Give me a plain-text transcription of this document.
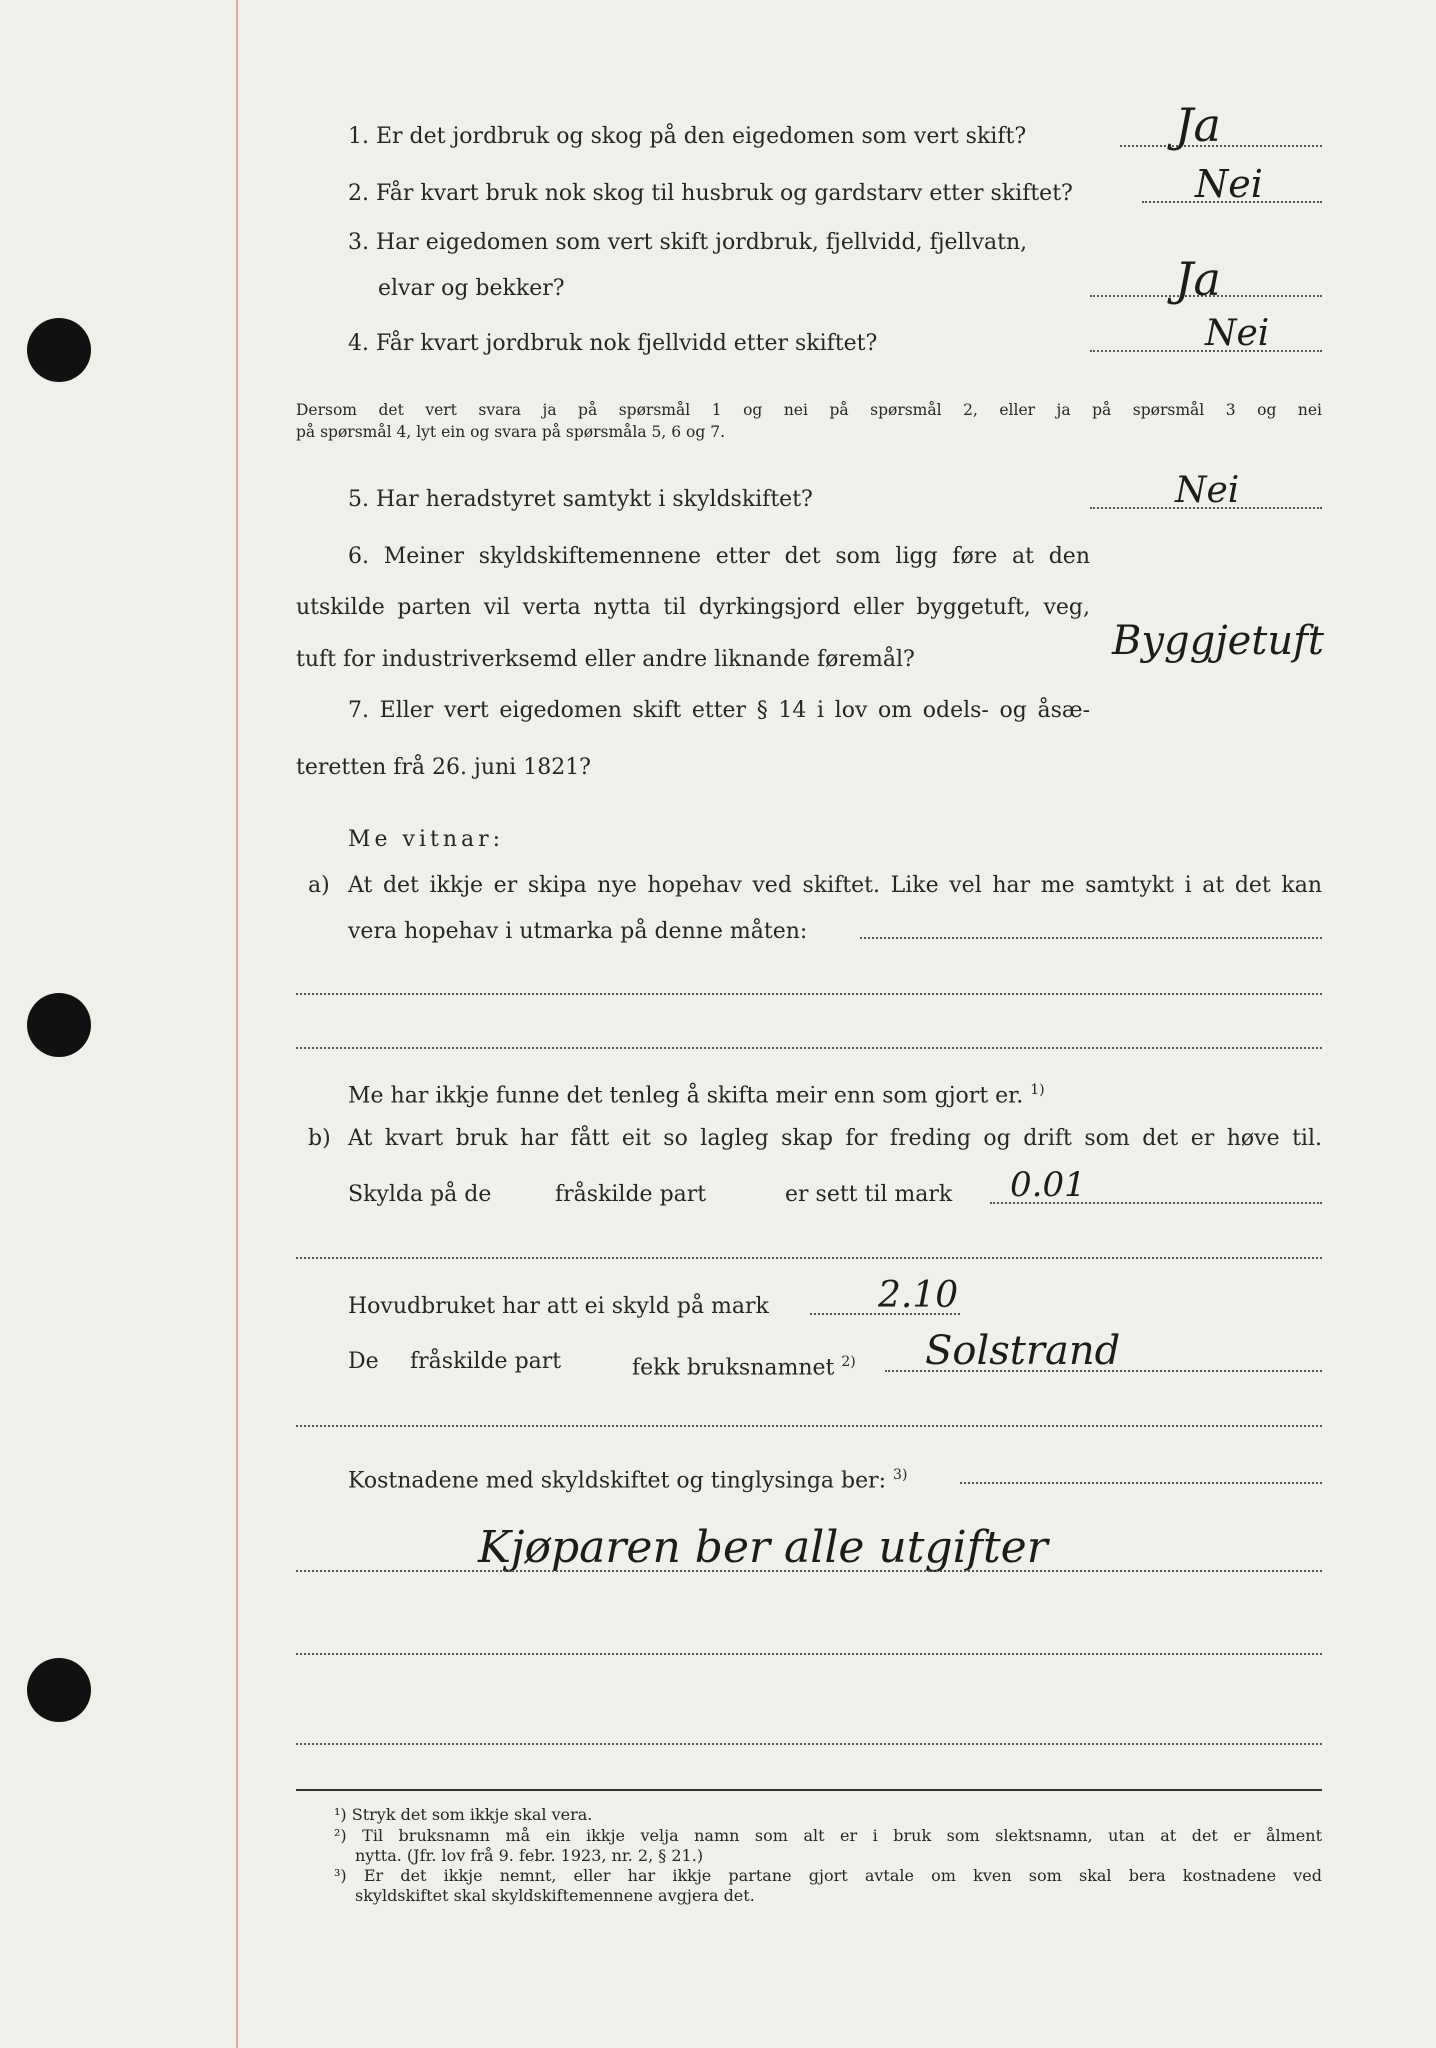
1. Er det jordbruk og skog på den eigedomen som vert skift?	Ja
2. Får kvart bruk nok skog til husbruk og gardstarv etter skiftet?	Nei
3. Har eigedomen som vert skift jordbruk, fjellvidd, fjellvatn,
elvar og bekker?	Ja
4. Får kvart jordbruk nok fjellvidd etter skiftet?	Nei
Dersom det vert svara ja på spørsmål 1 og nei på spørsmål 2, eller ja på spørsmål 3 og nei
på spørsmål 4, lyt ein og svara på spørsmåla 5, 6 og 7.
5. Har heradstyret samtykt i skyldskiftet?	Nei
6. Meiner skyldskiftemennene etter det som ligg føre at den
utskilde parten vil verta nytta til dyrkingsjord eller byggetuft, veg,
tuft for industriverksemd eller andre liknande føremål?	Byggjetuft
7. Eller vert eigedomen skift etter § 14 i lov om odels- og åsæ-
teretten frå 26. juni 1821?
Me vitnar:
a) At det ikkje er skipa nye hopehav ved skiftet. Like vel har me samtykt i at det kan
vera hopehav i utmarka på denne måten:
Me har ikkje funne det tenleg å skifta meir enn som gjort er. $^{1)}$
b) At kvart bruk har fått eit so lagleg skap for freding og drift som det er høve til.
Skylda på de	fråskilde part	er sett til mark 0.01
Hovudbruket har att ei skyld på mark	2.10
De fråskilde part	fekk bruksnamnet $^{2)}$ Solstrand
Kostnadene med skyldskiftet og tinglysinga ber: $^{3)}$
Kjøparen ber alle utgifter
¹) Stryk det som ikkje skal vera.
²) Til bruksnamn må ein ikkje velja namn som alt er i bruk som slektsnamn, utan at det er ålment
nytta. (Jfr. lov frå 9. febr. 1923, nr. 2, § 21.)
³) Er det ikkje nemnt, eller har ikkje partane gjort avtale om kven som skal bera kostnadene ved
skyldskiftet skal skyldskiftemennene avgjera det.
